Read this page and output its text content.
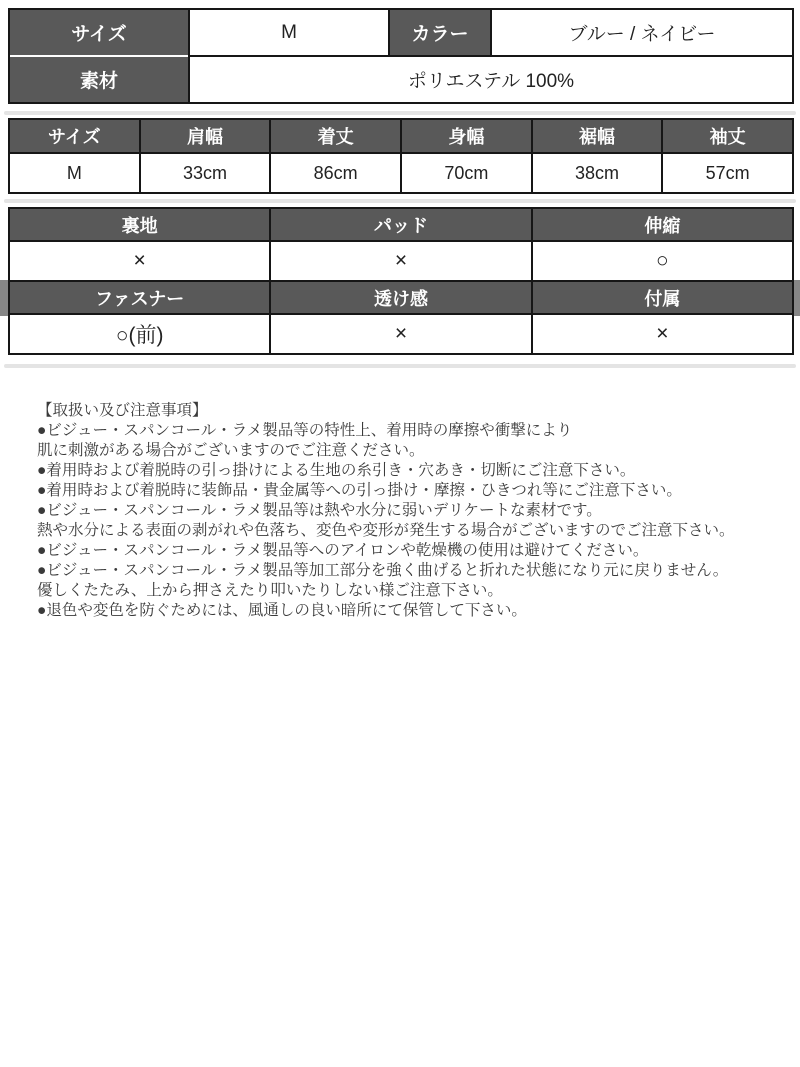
サイズ	M	カラー	ブルー / ネイビー
素材	ポリエステル 100%
サイズ	肩幅	着丈	身幅	裾幅	袖丈
M	33cm	86cm	70cm	38cm	57cm
裏地	パッド	伸縮
×	×	○
ファスナー	透け感	付属
○(前)	×	×
【取扱い及び注意事項】
●ビジュー・スパンコール・ラメ製品等の特性上、着用時の摩擦や衝撃により
肌に刺激がある場合がございますのでご注意ください。
●着用時および着脱時の引っ掛けによる生地の糸引き・穴あき・切断にご注意下さい。
●着用時および着脱時に装飾品・貴金属等への引っ掛け・摩擦・ひきつれ等にご注意下さい。
●ビジュー・スパンコール・ラメ製品等は熱や水分に弱いデリケートな素材です。
熱や水分による表面の剥がれや色落ち、変色や変形が発生する場合がございますのでご注意下さい。
●ビジュー・スパンコール・ラメ製品等へのアイロンや乾燥機の使用は避けてください。
●ビジュー・スパンコール・ラメ製品等加工部分を強く曲げると折れた状態になり元に戻りません。
優しくたたみ、上から押さえたり叩いたりしない様ご注意下さい。
●退色や変色を防ぐためには、風通しの良い暗所にて保管して下さい。
